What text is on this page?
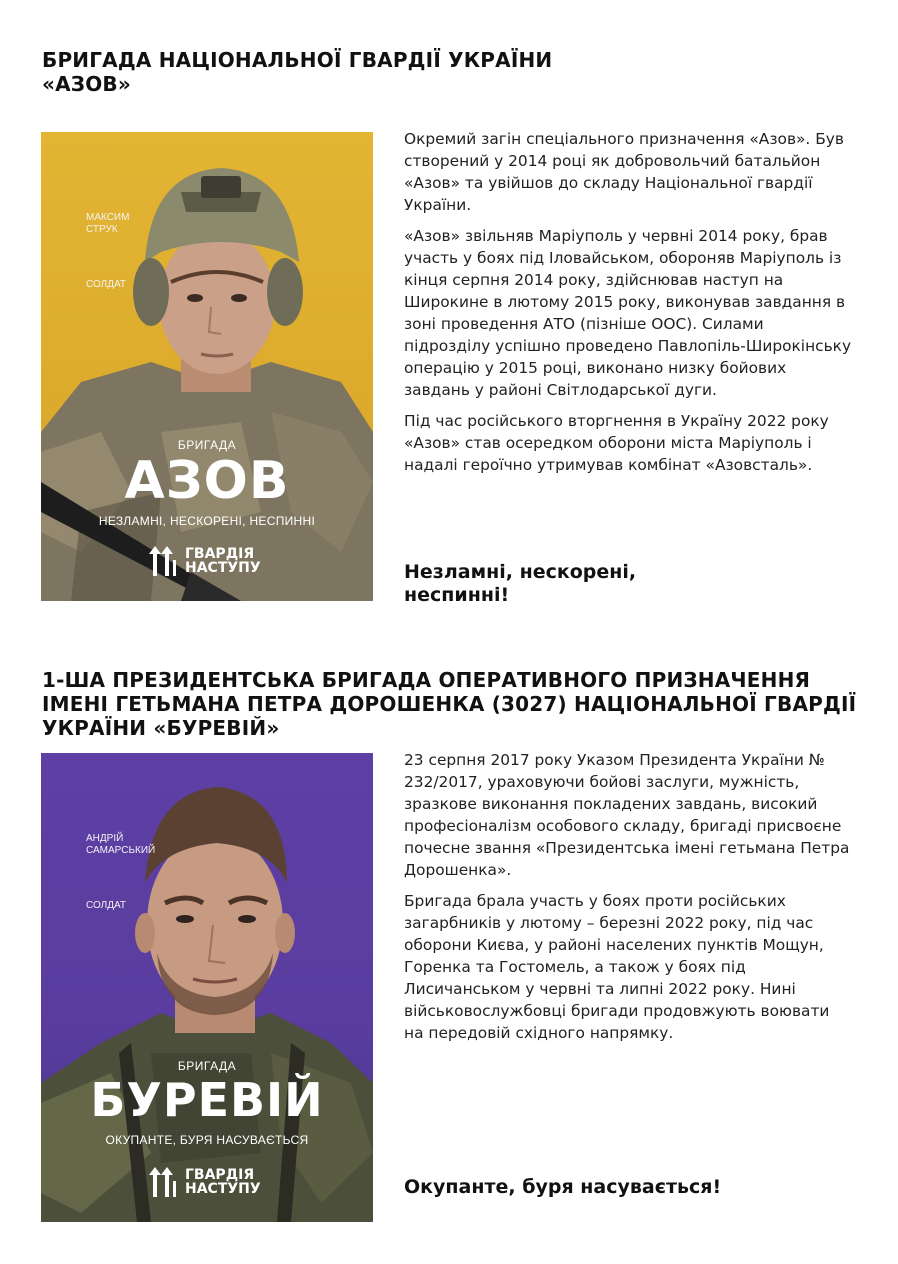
БРИГАДА НАЦІОНАЛЬНОЇ ГВАРДІЇ УКРАЇНИ
«АЗОВ»
МАКСИМ
СТРУК
СОЛДАТ
БРИГАДА
АЗОВ
НЕЗЛАМНІ, НЕСКОРЕНІ, НЕСПИННІ
ГВАРДІЯ
НАСТУПУ

Окремий загін спеціального призначення «Азов». Був створений у 2014 році як добровольчий батальйон «Азов» та увійшов до складу Національної гвардії України.

«Азов» звільняв Маріуполь у червні 2014 року, брав участь у боях під Іловайськом, обороняв Маріуполь із кінця серпня 2014 року, здійснював наступ на Широкине в лютому 2015 року, виконував завдання в зоні проведення АТО (пізніше ООС). Силами підрозділу успішно проведено Павлопіль-Широкінську операцію у 2015 році, виконано низку бойових завдань у районі Світлодарської дуги.

Під час російського вторгнення в Україну 2022 року «Азов» став осередком оборони міста Маріуполь і надалі героїчно утримував комбінат «Азовсталь».

Незламні, нескорені,
неспинні!
1-ША ПРЕЗИДЕНТСЬКА БРИГАДА ОПЕРАТИВНОГО ПРИЗНАЧЕННЯ
ІМЕНІ ГЕТЬМАНА ПЕТРА ДОРОШЕНКА (3027) НАЦІОНАЛЬНОЇ ГВАРДІЇ
УКРАЇНИ «БУРЕВІЙ»
АНДРІЙ
САМАРСЬКИЙ
СОЛДАТ
БРИГАДА
БУРЕВІЙ
ОКУПАНТЕ, БУРЯ НАСУВАЄТЬСЯ
ГВАРДІЯ
НАСТУПУ

23 серпня 2017 року Указом Президента України № 232/2017, ураховуючи бойові заслуги, мужність, зразкове виконання покладених завдань, високий професіоналізм особового складу, бригаді присвоєне почесне звання «Президентська імені гетьмана Петра Дорошенка».

Бригада брала участь у боях проти російських загарбників у лютому – березні 2022 року, під час оборони Києва, у районі населених пунктів Мощун, Горенка та Гостомель, а також у боях під Лисичанськом у червні та липні 2022 року. Нині військовослужбовці бригади продовжують воювати на передовій східного напрямку.

Окупанте, буря насувається!
